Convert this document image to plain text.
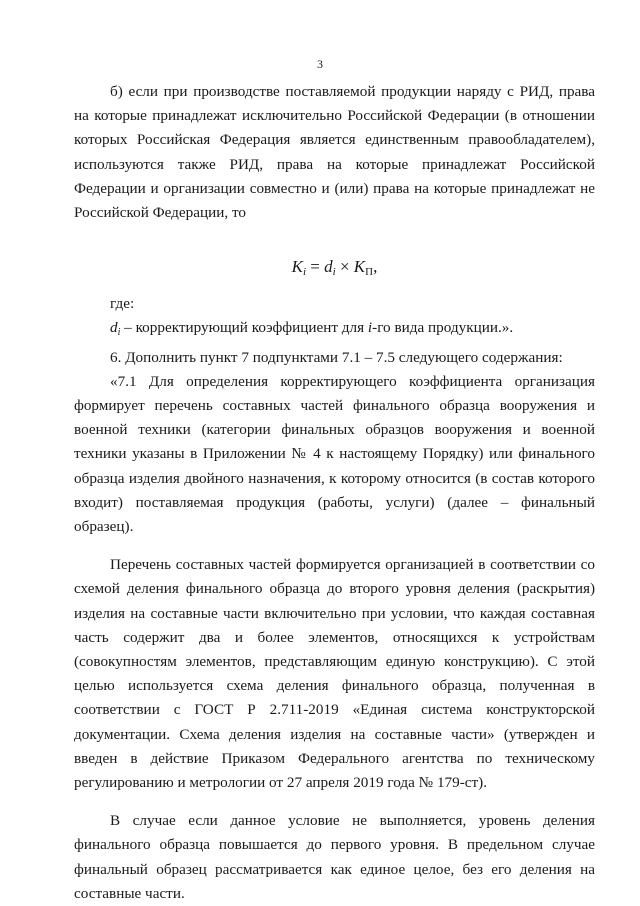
3

б) если при производстве поставляемой продукции наряду с РИД, права на которые принадлежат исключительно Российской Федерации (в отношении которых Российская Федерация является единственным правообладателем), используются также РИД, права на которые принадлежат Российской Федерации и организации совместно и (или) права на которые принадлежат не Российской Федерации, то

$K_i = d_i \times K_П$,

где:

$d_i$ – корректирующий коэффициент для i-го вида продукции.».

6. Дополнить пункт 7 подпунктами 7.1 – 7.5 следующего содержания:

«7.1 Для определения корректирующего коэффициента организация формирует перечень составных частей финального образца вооружения и военной техники (категории финальных образцов вооружения и военной техники указаны в Приложении № 4 к настоящему Порядку) или финального образца изделия двойного назначения, к которому относится (в состав которого входит) поставляемая продукция (работы, услуги) (далее – финальный образец).

Перечень составных частей формируется организацией в соответствии со схемой деления финального образца до второго уровня деления (раскрытия) изделия на составные части включительно при условии, что каждая составная часть содержит два и более элементов, относящихся к устройствам (совокупностям элементов, представляющим единую конструкцию). С этой целью используется схема деления финального образца, полученная в соответствии с ГОСТ Р 2.711-2019 «Единая система конструкторской документации. Схема деления изделия на составные части» (утвержден и введен в действие Приказом Федерального агентства по техническому регулированию и метрологии от 27 апреля 2019 года № 179-ст).

В случае если данное условие не выполняется, уровень деления финального образца повышается до первого уровня. В предельном случае финальный образец рассматривается как единое целое, без его деления на составные части.
